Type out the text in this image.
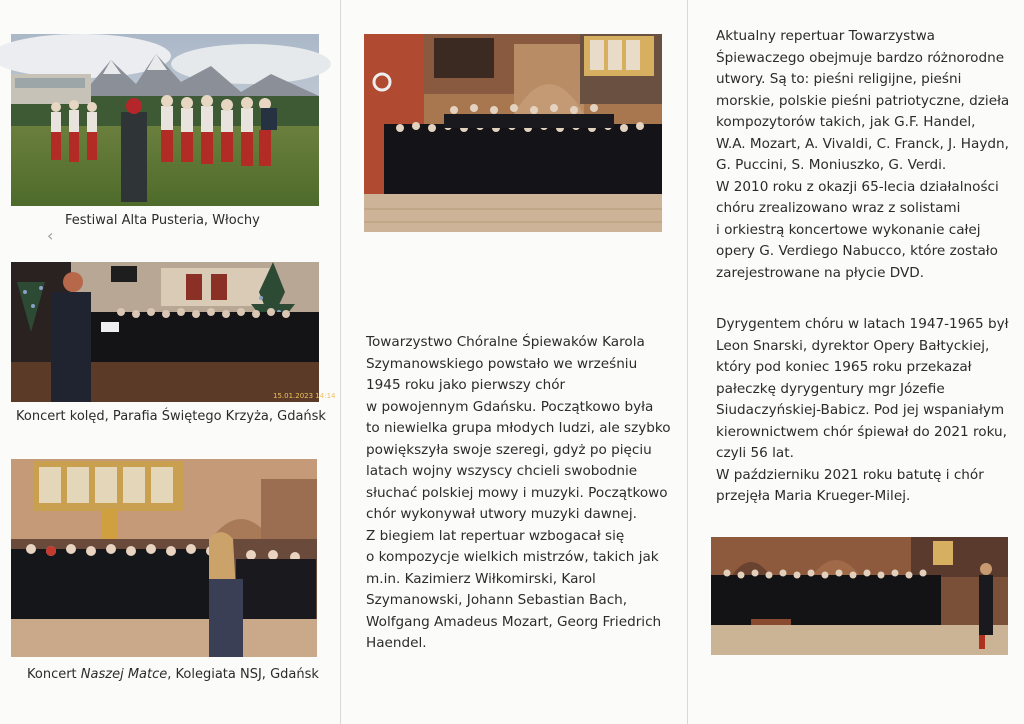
‹
Festiwal Alta Pusteria, Włochy
15.01.2023 14:14
Koncert kolęd, Parafia Świętego Krzyża, Gdańsk
Koncert Naszej Matce, Kolegiata NSJ, Gdańsk
Towarzystwo Chóralne Śpiewaków Karola
Szymanowskiego powstało we wrześniu
1945 roku jako pierwszy chór
w powojennym Gdańsku. Początkowo była
to niewielka grupa młodych ludzi, ale szybko
powiększyła swoje szeregi, gdyż po pięciu
latach wojny wszyscy chcieli swobodnie
słuchać polskiej mowy i muzyki. Początkowo
chór wykonywał utwory muzyki dawnej.
Z biegiem lat repertuar wzbogacał się
o kompozycje wielkich mistrzów, takich jak
m.in. Kazimierz Wiłkomirski, Karol
Szymanowski, Johann Sebastian Bach,
Wolfgang Amadeus Mozart, Georg Friedrich
Haendel.
Aktualny repertuar Towarzystwa
Śpiewaczego obejmuje bardzo różnorodne
utwory. Są to: pieśni religijne, pieśni
morskie, polskie pieśni patriotyczne, dzieła
kompozytorów takich, jak G.F. Handel,
W.A. Mozart, A. Vivaldi, C. Franck, J. Haydn,
G. Puccini, S. Moniuszko, G. Verdi.
W 2010 roku z okazji 65-lecia działalności
chóru zrealizowano wraz z solistami
i orkiestrą koncertowe wykonanie całej
opery G. Verdiego Nabucco, które zostało
zarejestrowane na płycie DVD.
Dyrygentem chóru w latach 1947-1965 był
Leon Snarski, dyrektor Opery Bałtyckiej,
który pod koniec 1965 roku przekazał
pałeczkę dyrygentury mgr Józefie
Siudaczyńskiej-Babicz. Pod jej wspaniałym
kierownictwem chór śpiewał do 2021 roku,
czyli 56 lat.
W październiku 2021 roku batutę i chór
przejęła Maria Krueger-Milej.
